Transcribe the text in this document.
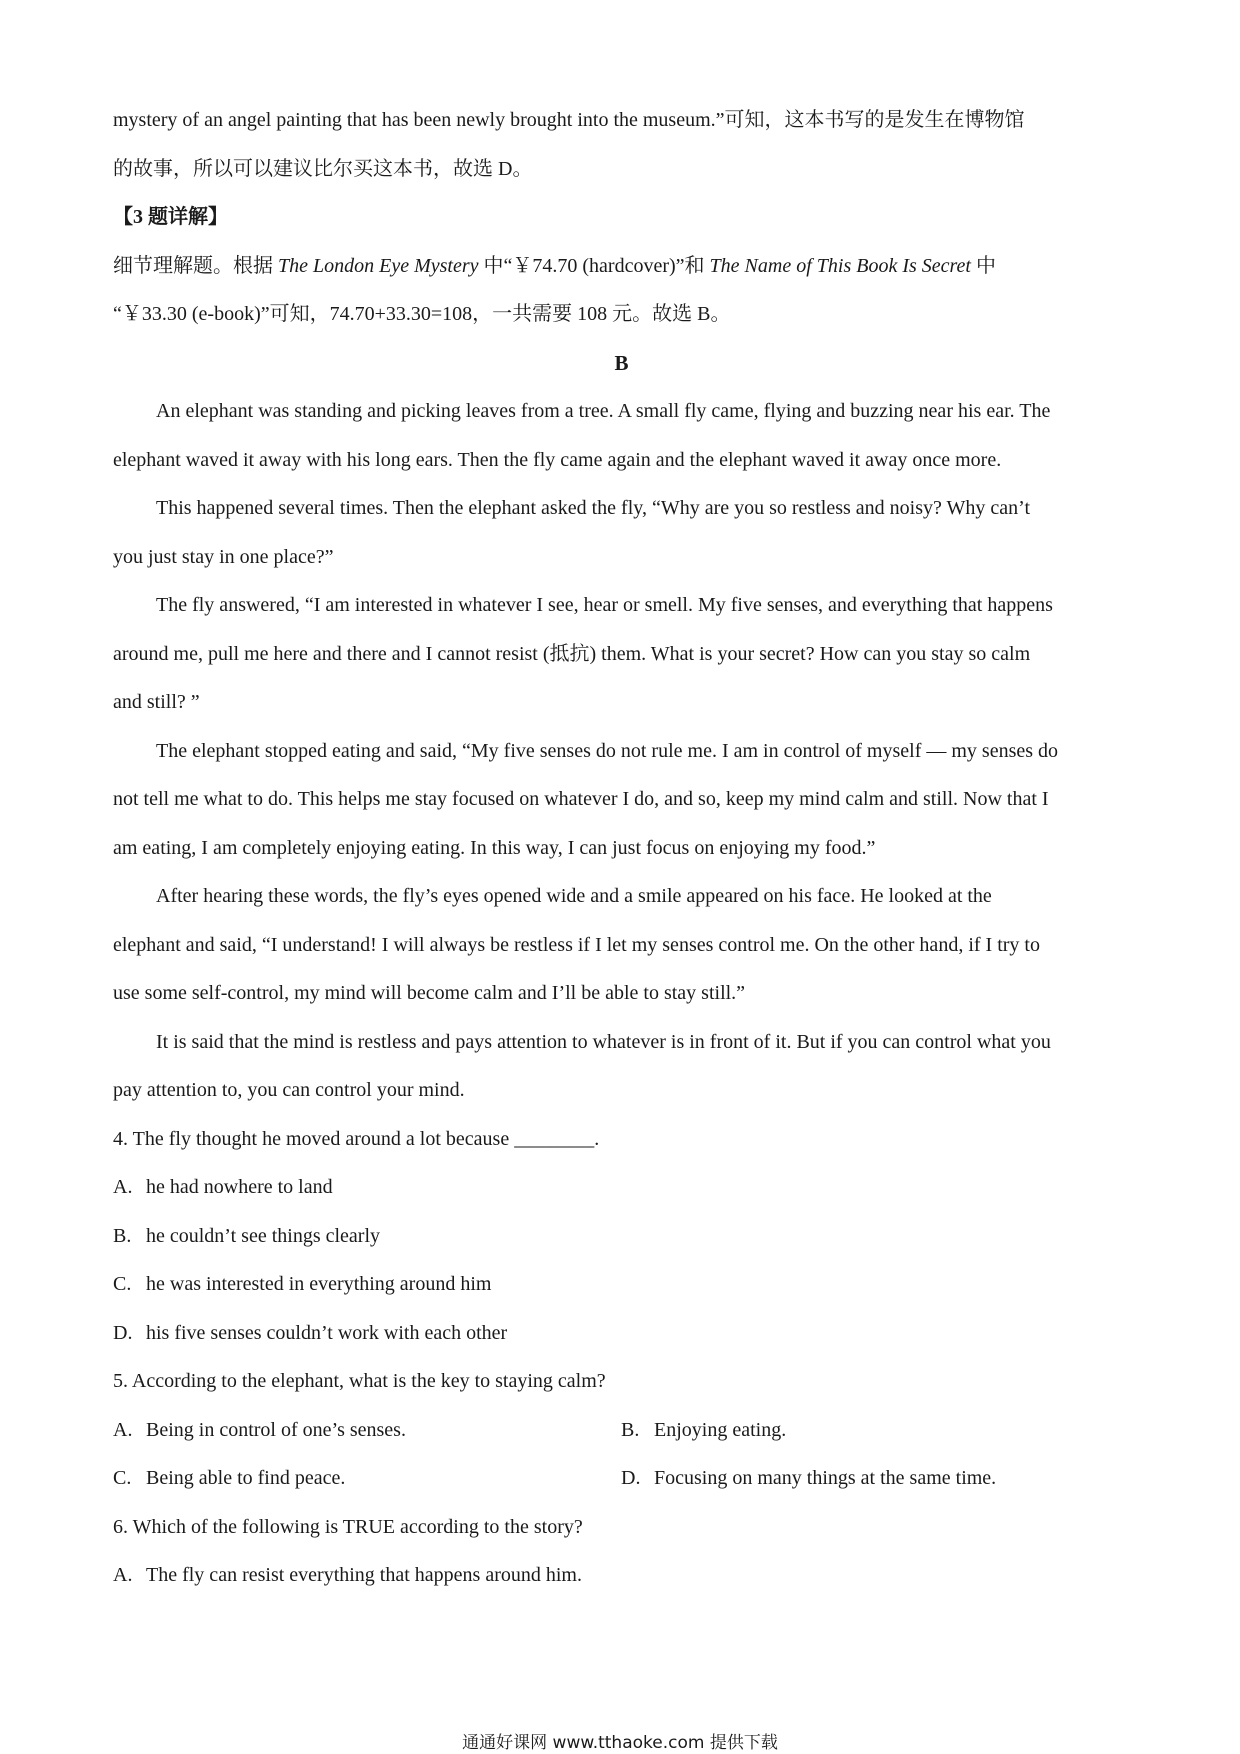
mystery of an angel painting that has been newly brought into the museum.”可知，这本书写的是发生在博物馆

的故事，所以可以建议比尔买这本书，故选 D。

【3 题详解】

细节理解题。根据 The London Eye Mystery 中“￥74.70 (hardcover)”和 The Name of This Book Is Secret 中

“￥33.30 (e-book)”可知，74.70+33.30=108，一共需要 108 元。故选 B。

B

An elephant was standing and picking leaves from a tree. A small fly came, flying and buzzing near his ear. The

elephant waved it away with his long ears. Then the fly came again and the elephant waved it away once more.

This happened several times. Then the elephant asked the fly, “Why are you so restless and noisy? Why can’t

you just stay in one place?”

The fly answered, “I am interested in whatever I see, hear or smell. My five senses, and everything that happens

around me, pull me here and there and I cannot resist (抵抗) them. What is your secret? How can you stay so calm

and still? ”

The elephant stopped eating and said, “My five senses do not rule me. I am in control of myself — my senses do

not tell me what to do. This helps me stay focused on whatever I do, and so, keep my mind calm and still. Now that I

am eating, I am completely enjoying eating. In this way, I can just focus on enjoying my food.”

After hearing these words, the fly’s eyes opened wide and a smile appeared on his face. He looked at the

elephant and said, “I understand! I will always be restless if I let my senses control me. On the other hand, if I try to

use some self-control, my mind will become calm and I’ll be able to stay still.”

It is said that the mind is restless and pays attention to whatever is in front of it. But if you can control what you

pay attention to, you can control your mind.

4. The fly thought he moved around a lot because ________.

A. he had nowhere to land
B. he couldn’t see things clearly
C. he was interested in everything around him
D. his five senses couldn’t work with each other

5. According to the elephant, what is the key to staying calm?

A. Being in control of one’s senses.	B. Enjoying eating.
C. Being able to find peace.	D. Focusing on many things at the same time.

6. Which of the following is TRUE according to the story?

A. The fly can resist everything that happens around him.
通通好课网 www.tthaoke.com 提供下载
